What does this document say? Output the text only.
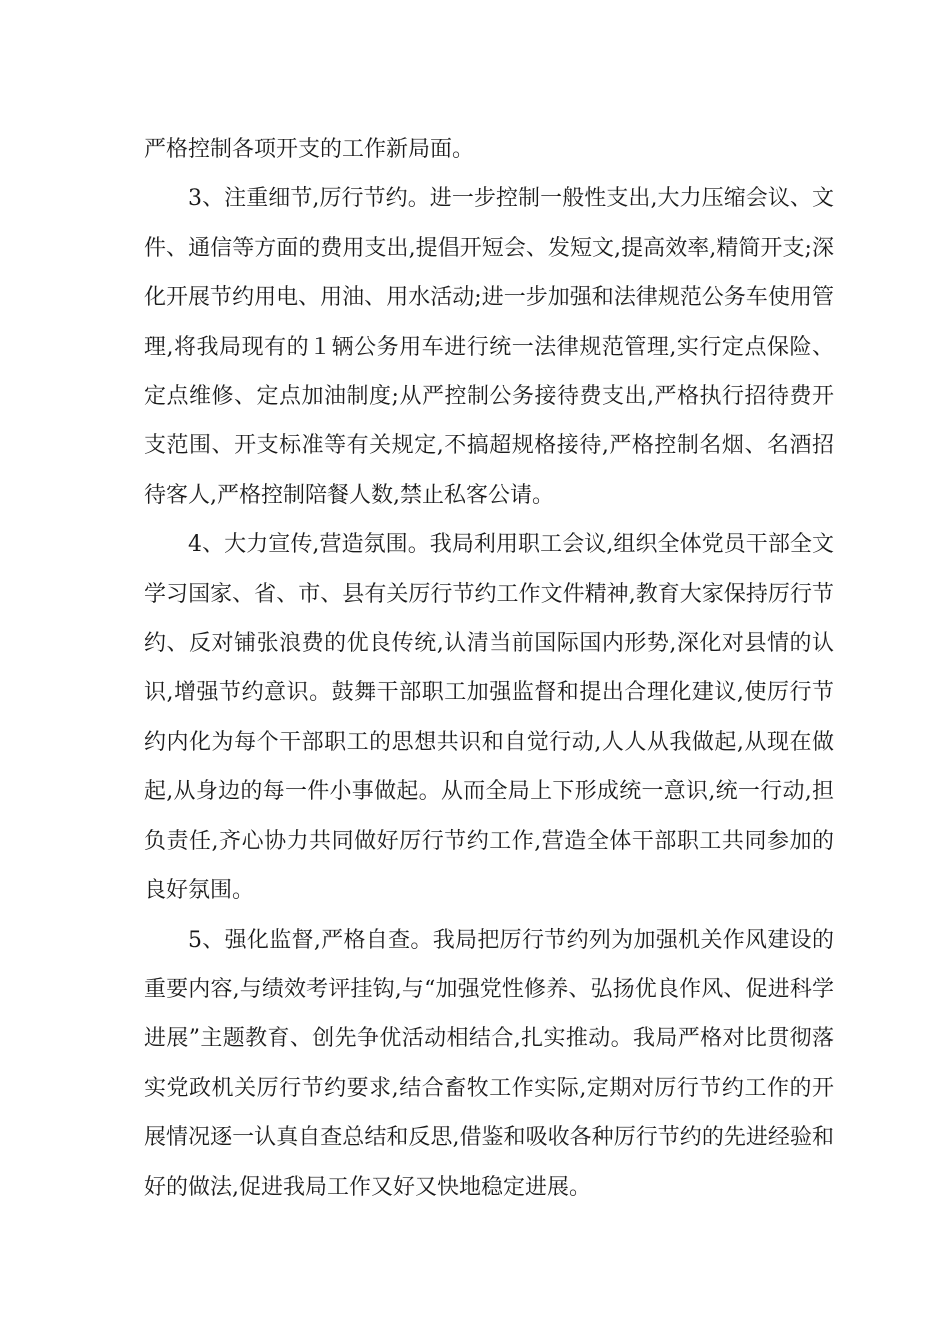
严格控制各项开支的工作新局面。

3、注重细节,厉行节约。进一步控制一般性支出,大力压缩会议、文件、通信等方面的费用支出,提倡开短会、发短文,提高效率,精简开支;深化开展节约用电、用油、用水活动;进一步加强和法律规范公务车使用管理,将我局现有的１辆公务用车进行统一法律规范管理,实行定点保险、定点维修、定点加油制度;从严控制公务接待费支出,严格执行招待费开支范围、开支标准等有关规定,不搞超规格接待,严格控制名烟、名酒招待客人,严格控制陪餐人数,禁止私客公请。

4、大力宣传,营造氛围。我局利用职工会议,组织全体党员干部全文学习国家、省、市、县有关厉行节约工作文件精神,教育大家保持厉行节约、反对铺张浪费的优良传统,认清当前国际国内形势,深化对县情的认识,增强节约意识。鼓舞干部职工加强监督和提出合理化建议,使厉行节约内化为每个干部职工的思想共识和自觉行动,人人从我做起,从现在做起,从身边的每一件小事做起。从而全局上下形成统一意识,统一行动,担负责任,齐心协力共同做好厉行节约工作,营造全体干部职工共同参加的良好氛围。

5、强化监督,严格自查。我局把厉行节约列为加强机关作风建设的重要内容,与绩效考评挂钩,与“加强党性修养、弘扬优良作风、促进科学进展”主题教育、创先争优活动相结合,扎实推动。我局严格对比贯彻落实党政机关厉行节约要求,结合畜牧工作实际,定期对厉行节约工作的开展情况逐一认真自查总结和反思,借鉴和吸收各种厉行节约的先进经验和好的做法,促进我局工作又好又快地稳定进展。
